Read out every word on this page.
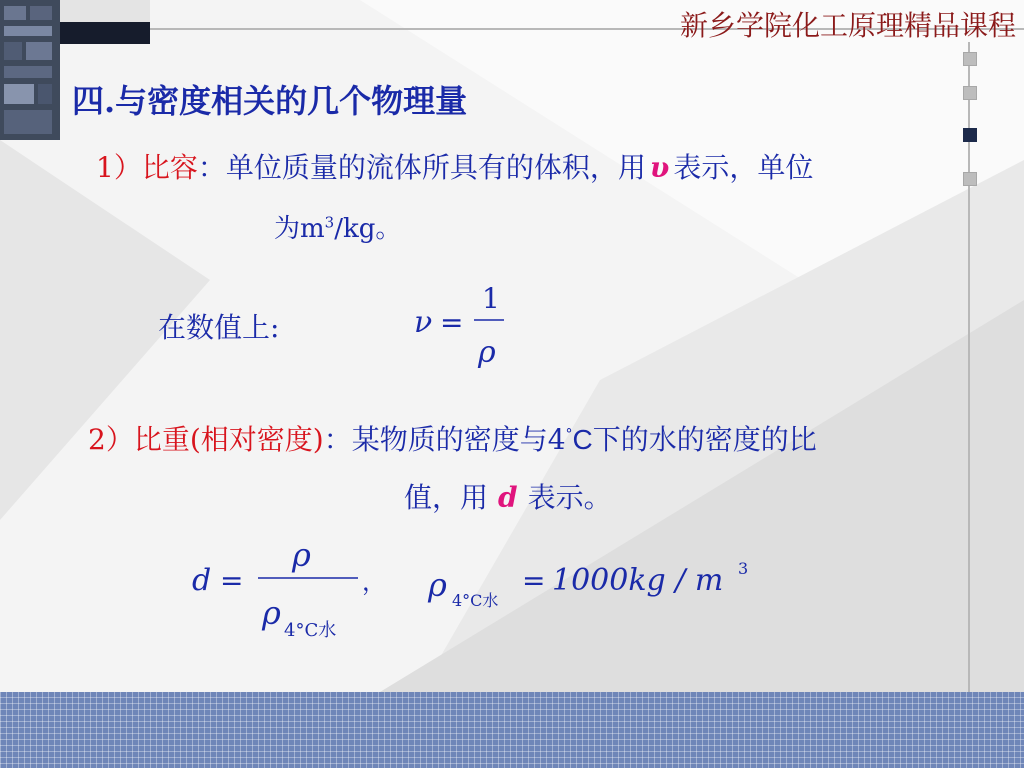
新乡学院化工原理精品课程
四.与密度相关的几个物理量
1）比容：单位质量的流体所具有的体积，用 υ 表示，单位
为$m^3/kg$。
在数值上:	ν =
1
ρ
2）比重(相对密度)：某物质的密度与4°C下的水的密度的比
值，用 d 表示。
d =
ρ
ρ 4°C水
， ρ 4°C水
= 1000kg / m 3
